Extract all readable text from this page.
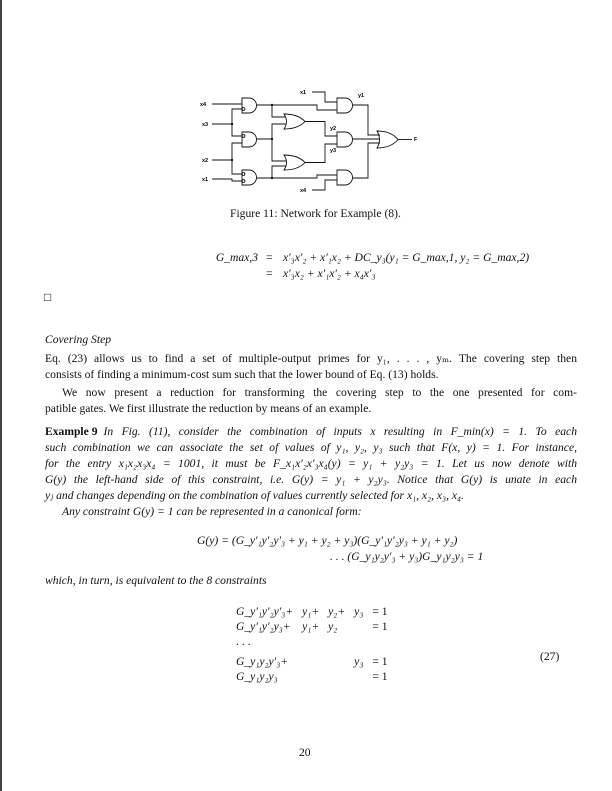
x4
x3
x2
x1
x1
x4
y1
y2
y3
F
Figure 11: Network for Example (8).
G_max,3 = x′₃x′₂ + x′₁x₂ + DC_y₃(y₁ = G_max,1, y₂ = G_max,2)
= x′₃x₂ + x′₁x′₂ + x₄x′₃
□
Covering Step
Eq. (23) allows us to find a set of multiple-output primes for y₁, . . . , yₘ. The covering step then
consists of finding a minimum-cost sum such that the lower bound of Eq. (13) holds.
We now present a reduction for transforming the covering step to the one presented for com-
patible gates. We first illustrate the reduction by means of an example.
Example 9 In Fig. (11), consider the combination of inputs x resulting in F_min(x) = 1. To each
such combination we can associate the set of values of y₁, y₂, y₃ such that F(x, y) = 1. For instance,
for the entry x₁x₂x₃x₄ = 1001, it must be F_x₁x′₂x′₃x₄(y) = y₁ + y₂y₃ = 1. Let us now denote with
G(y) the left-hand side of this constraint, i.e. G(y) = y₁ + y₂y₃. Notice that G(y) is unate in each
yⱼ and changes depending on the combination of values currently selected for x₁, x₂, x₃, x₄.
Any constraint G(y) = 1 can be represented in a canonical form:
G(y) = (G_y′₁y′₂y′₃ + y₁ + y₂ + y₃)(G_y′₁y′₂y₃ + y₁ + y₂)
. . . (G_y₁y₂y′₃ + y₃)G_y₁y₂y₃ = 1
which, in turn, is equivalent to the 8 constraints
G_y′₁y′₂y′₃+ y₁+ y₂+ y₃ = 1
G_y′₁y′₂y₃+ y₁+ y₂	= 1
. . .
G_y₁y₂y′₃+	y₃ = 1
G_y₁y₂y₃	= 1
(27)
20
